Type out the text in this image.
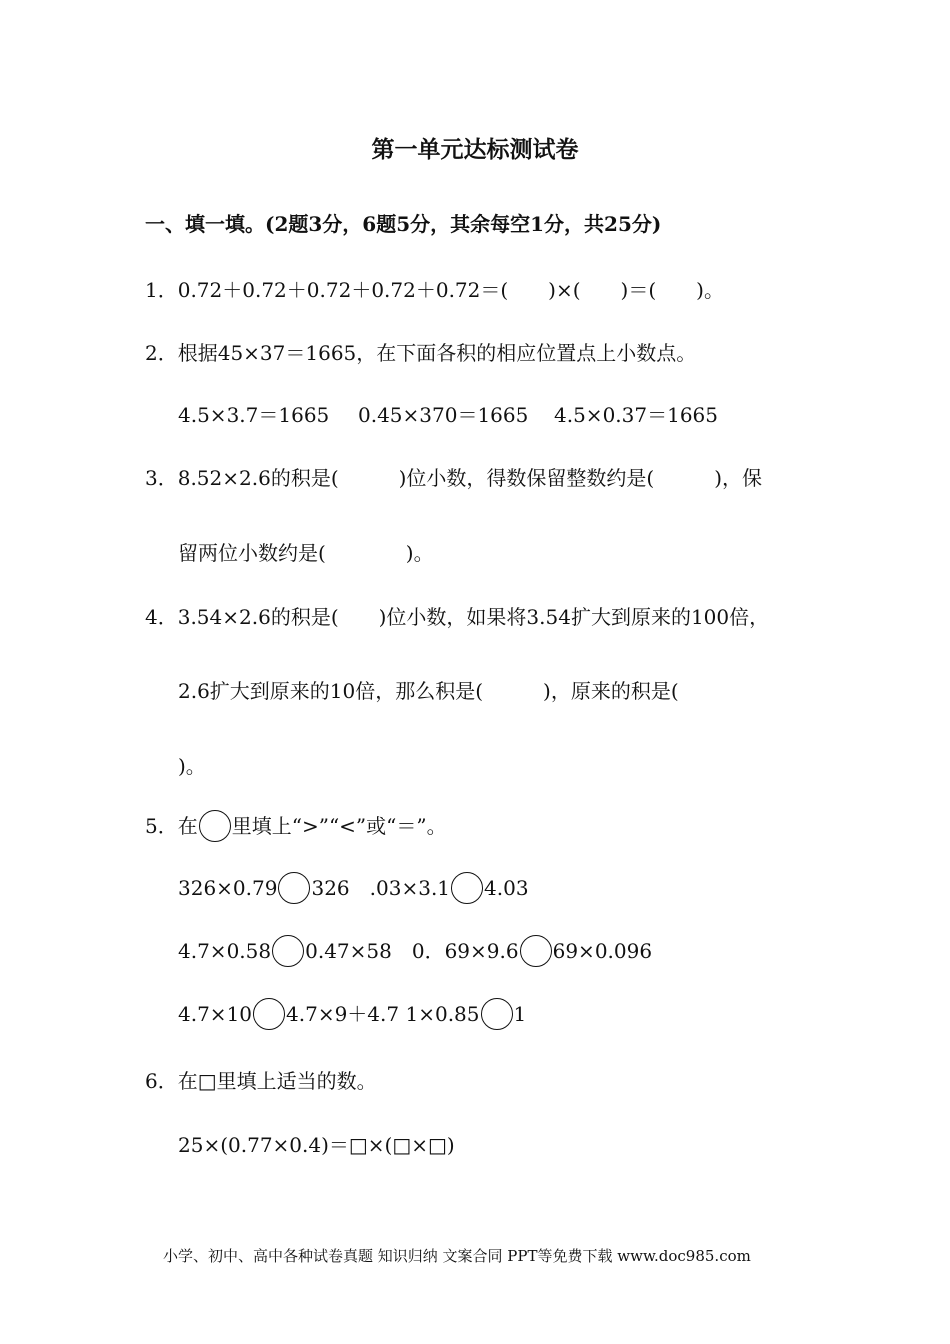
第一单元达标测试卷
一、填一填。(2题3分，6题5分，其余每空1分，共25分)
1．0.72＋0.72＋0.72＋0.72＋0.72＝(　　)×(　　)＝(　　)。
2．根据45×37＝1665，在下面各积的相应位置点上小数点。
4.5×3.7＝1665 0.45×370＝1665 4.5×0.37＝1665
3．8.52×2.6的积是(　　　)位小数，得数保留整数约是(　　　)，保
留两位小数约是(　　　　)。
4．3.54×2.6的积是(　　)位小数，如果将3.54扩大到原来的100倍，
2.6扩大到原来的10倍，那么积是(　　　)，原来的积是(
)。
5．在 里填上“>”“<”或“＝”。
326×0.79 326　.03×3.1 4.03
4.7×0.58 0.47×58　0．69×9.6 69×0.096
4.7×10 4.7×9＋4.7 1×0.85 1
6．在□里填上适当的数。
25×(0.77×0.4)＝□×(□×□)
小学、初中、高中各种试卷真题 知识归纳 文案合同 PPT等免费下载 www.doc985.com
